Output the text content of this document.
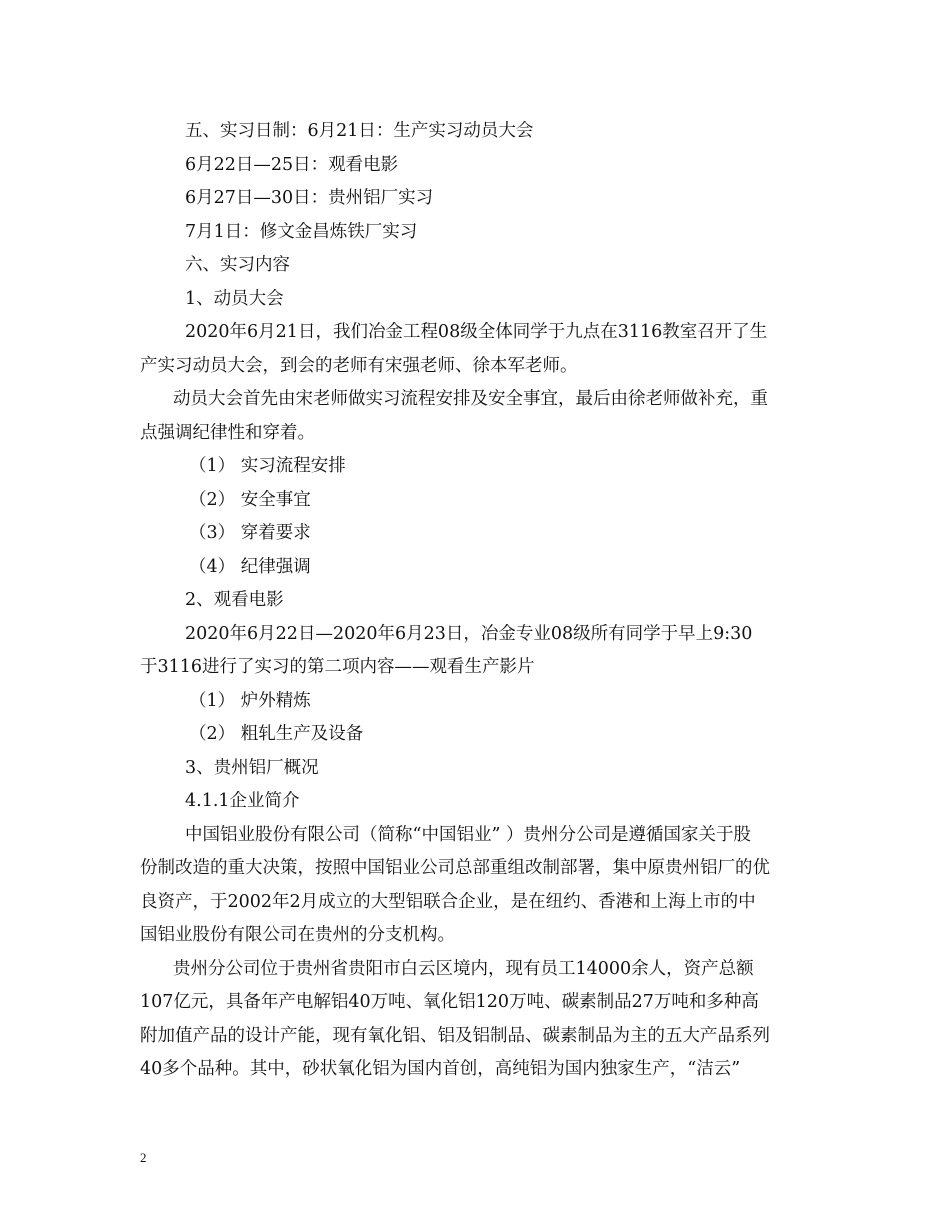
五、实习日制：6月21日：生产实习动员大会
6月22日—25日：观看电影
6月27日—30日：贵州铝厂实习
7月1日：修文金昌炼铁厂实习
六、实习内容
1、动员大会
2020年6月21日，我们冶金工程08级全体同学于九点在3116教室召开了生
产实习动员大会，到会的老师有宋强老师、徐本军老师。
动员大会首先由宋老师做实习流程安排及安全事宜，最后由徐老师做补充，重
点强调纪律性和穿着。
（1） 实习流程安排
（2） 安全事宜
（3） 穿着要求
（4） 纪律强调
2、观看电影
2020年6月22日—2020年6月23日，冶金专业08级所有同学于早上9:30
于3116进行了实习的第二项内容——观看生产影片
（1） 炉外精炼
（2） 粗轧生产及设备
3、贵州铝厂概况
4.1.1企业简介
中国铝业股份有限公司（简称“中国铝业” ）贵州分公司是遵循国家关于股
份制改造的重大决策，按照中国铝业公司总部重组改制部署，集中原贵州铝厂的优
良资产，于2002年2月成立的大型铝联合企业，是在纽约、香港和上海上市的中
国铝业股份有限公司在贵州的分支机构。
贵州分公司位于贵州省贵阳市白云区境内，现有员工14000余人，资产总额
107亿元，具备年产电解铝40万吨、氧化铝120万吨、碳素制品27万吨和多种高
附加值产品的设计产能，现有氧化铝、铝及铝制品、碳素制品为主的五大产品系列
40多个品种。其中，砂状氧化铝为国内首创，高纯铝为国内独家生产，“洁云”
2
